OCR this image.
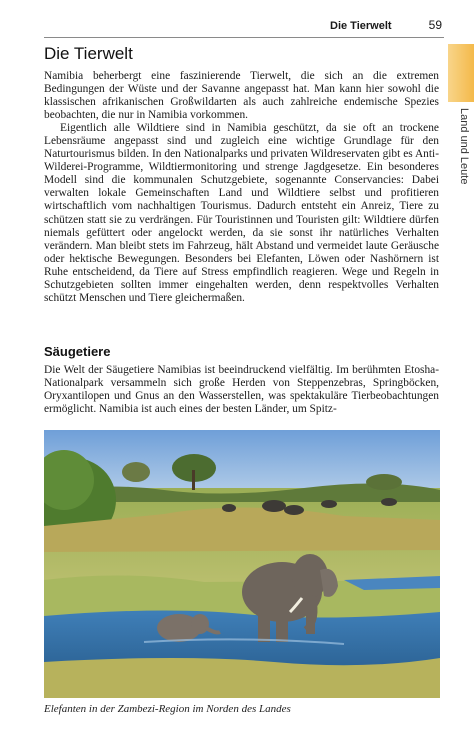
Die Tierwelt	59
Land und Leute
Die Tierwelt

Namibia beherbergt eine faszinierende Tierwelt, die sich an die extremen Bedingungen der Wüste und der Savanne angepasst hat. Man kann hier sowohl die klassischen afrikanischen Großwildarten als auch zahlreiche endemische Spezies beobachten, die nur in Namibia vorkommen.

Eigentlich alle Wildtiere sind in Namibia geschützt, da sie oft an trockene Lebensräume angepasst sind und zugleich eine wichtige Grundlage für den Naturtourismus bilden. In den Nationalparks und privaten Wildreservaten gibt es Anti-Wilderei-Programme, Wildtiermonitoring und strenge Jagdgesetze. Ein besonderes Modell sind die kommunalen Schutzgebiete, sogenannte Conservancies: Dabei verwalten lokale Gemeinschaften Land und Wildtiere selbst und profitieren wirtschaftlich vom nachhaltigen Tourismus. Dadurch entsteht ein Anreiz, Tiere zu schützen statt sie zu verdrängen. Für Touristinnen und Touristen gilt: Wildtiere dürfen niemals gefüttert oder angelockt werden, da sie sonst ihr natürliches Verhalten verändern. Man bleibt stets im Fahrzeug, hält Abstand und vermeidet laute Geräusche oder hektische Bewegungen. Besonders bei Elefanten, Löwen oder Nashörnern ist Ruhe entscheidend, da Tiere auf Stress empfindlich reagieren. Wege und Regeln in Schutzgebieten sollten immer eingehalten werden, denn respektvolles Verhalten schützt Menschen und Tiere gleichermaßen.

Säugetiere

Die Welt der Säugetiere Namibias ist beeindruckend vielfältig. Im berühmten Etosha-Nationalpark versammeln sich große Herden von Steppenzebras, Springböcken, Oryxantilopen und Gnus an den Wasserstellen, was spektakuläre Tierbeobachtungen ermöglicht. Namibia ist auch eines der besten Länder, um Spitz-

Elefanten in der Zambezi-Region im Norden des Landes
